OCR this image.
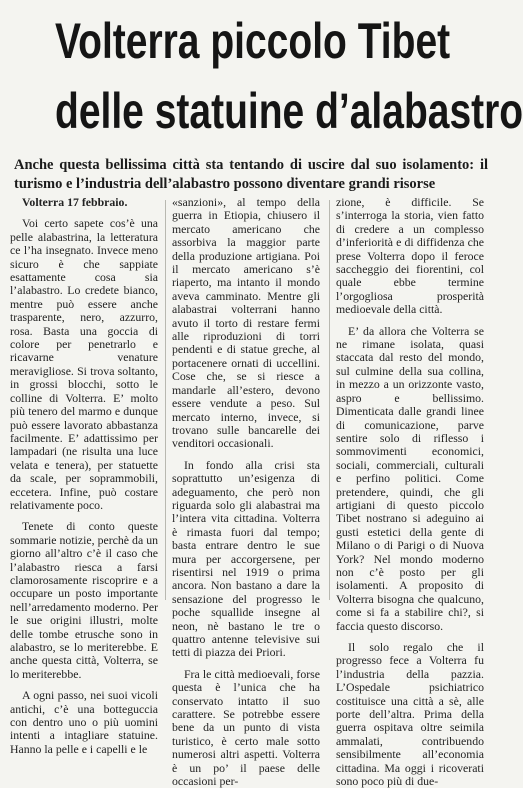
Volterra piccolo Tibet
delle statuine d’alabastro
Anche questa bellissima città sta tentando di uscire dal suo isolamento: il turismo e l’industria dell’alabastro possono diventare grandi risorse

Volterra 17 febbraio.

Voi certo sapete cos’è una pelle alabastrina, la letteratura ce l’ha insegnato. Invece meno sicuro è che sappiate esattamente cosa sia l’alabastro. Lo credete bianco, mentre può essere anche trasparente, nero, azzurro, rosa. Basta una goccia di colore per penetrarlo e ricavarne venature meravigliose. Si trova soltanto, in grossi blocchi, sotto le colline di Volterra. E’ molto più tenero del marmo e dunque può essere lavorato abbastanza facilmente. E’ adattissimo per lampadari (ne risulta una luce velata e tenera), per statuette da scale, per soprammobili, eccetera. Infine, può costare relativamente poco.

Tenete di conto queste sommarie notizie, perchè da un giorno all’altro c’è il caso che l’alabastro riesca a farsi clamorosamente riscoprire e a occupare un posto importante nell’arredamento moderno. Per le sue origini illustri, molte delle tombe etrusche sono in alabastro, se lo meriterebbe. E anche questa città, Volterra, se lo meriterebbe.

A ogni passo, nei suoi vicoli antichi, c’è una botteguccia con dentro uno o più uomini intenti a intagliare statuine. Hanno la pelle e i capelli e le

«sanzioni», al tempo della guerra in Etiopia, chiusero il mercato americano che assorbiva la maggior parte della produzione artigiana. Poi il mercato americano s’è riaperto, ma intanto il mondo aveva camminato. Mentre gli alabastrai volterrani hanno avuto il torto di restare fermi alle riproduzioni di torri pendenti e di statue greche, al portacenere ornati di uccellini. Cose che, se si riesce a mandarle all’estero, devono essere vendute a peso. Sul mercato interno, invece, si trovano sulle bancarelle dei venditori occasionali.

In fondo alla crisi sta soprattutto un’esigenza di adeguamento, che però non riguarda solo gli alabastrai ma l’intera vita cittadina. Volterra è rimasta fuori dal tempo; basta entrare dentro le sue mura per accorgersene, per risentirsi nel 1919 o prima ancora. Non bastano a dare la sensazione del progresso le poche squallide insegne al neon, nè bastano le tre o quattro antenne televisive sui tetti di piazza dei Priori.

Fra le città medioevali, forse questa è l’unica che ha conservato intatto il suo carattere. Se potrebbe essere bene da un punto di vista turistico, è certo male sotto numerosi altri aspetti. Volterra è un po’ il paese delle occasioni per-

zione, è difficile. Se s’interroga la storia, vien fatto di credere a un complesso d’inferiorità e di diffidenza che prese Volterra dopo il feroce saccheggio dei fiorentini, col quale ebbe termine l’orgogliosa prosperità medioevale della città.

E’ da allora che Volterra se ne rimane isolata, quasi staccata dal resto del mondo, sul culmine della sua collina, in mezzo a un orizzonte vasto, aspro e bellissimo. Dimenticata dalle grandi linee di comunicazione, parve sentire solo di riflesso i sommovimenti economici, sociali, commerciali, culturali e perfino politici. Come pretendere, quindi, che gli artigiani di questo piccolo Tibet nostrano si adeguino ai gusti estetici della gente di Milano o di Parigi o di Nuova York? Nel mondo moderno non c’è posto per gli isolamenti. A proposito di Volterra bisogna che qualcuno, come si fa a stabilire chi?, si faccia questo discorso.

Il solo regalo che il progresso fece a Volterra fu l’industria della pazzia. L’Ospedale psichiatrico costituisce una città a sè, alle porte dell’altra. Prima della guerra ospitava oltre seimila ammalati, contribuendo sensibilmente all’economia cittadina. Ma oggi i ricoverati sono poco più di due-
